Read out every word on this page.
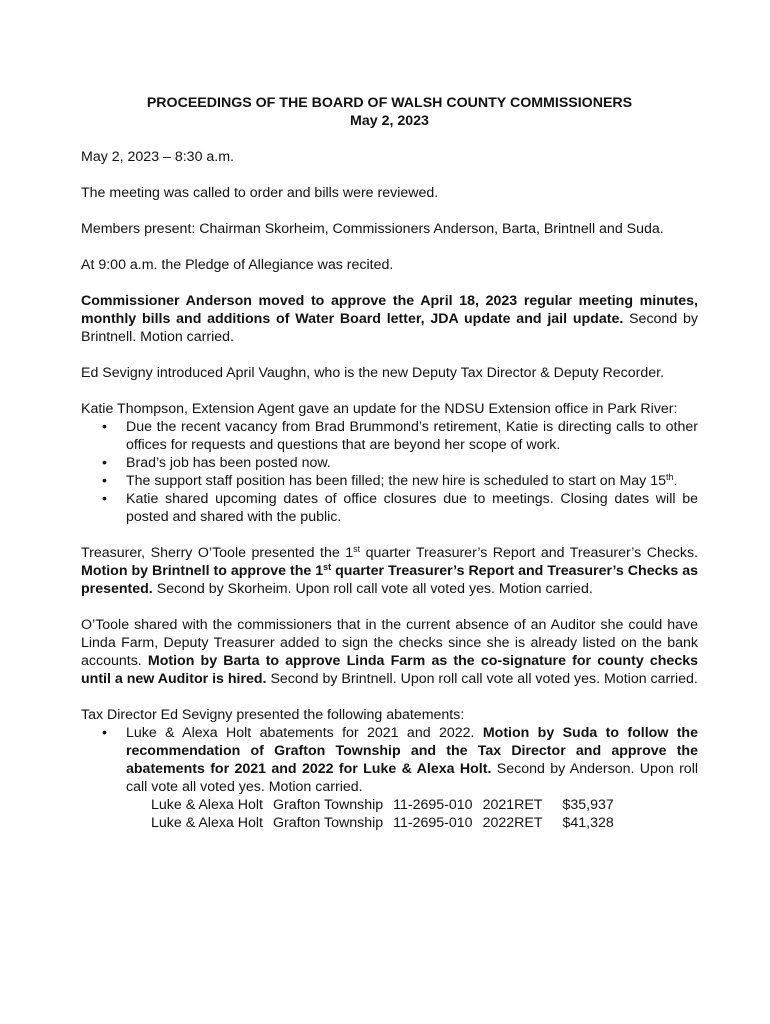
PROCEEDINGS OF THE BOARD OF WALSH COUNTY COMMISSIONERS
May 2, 2023

May 2, 2023 – 8:30 a.m.

The meeting was called to order and bills were reviewed.

Members present: Chairman Skorheim, Commissioners Anderson, Barta, Brintnell and Suda.

At 9:00 a.m. the Pledge of Allegiance was recited.

Commissioner Anderson moved to approve the April 18, 2023 regular meeting minutes, monthly bills and additions of Water Board letter, JDA update and jail update. Second by Brintnell. Motion carried.

Ed Sevigny introduced April Vaughn, who is the new Deputy Tax Director & Deputy Recorder.

Katie Thompson, Extension Agent gave an update for the NDSU Extension office in Park River:

• Due the recent vacancy from Brad Brummond’s retirement, Katie is directing calls to other offices for requests and questions that are beyond her scope of work.
• Brad’s job has been posted now.
• The support staff position has been filled; the new hire is scheduled to start on May 15th.
• Katie shared upcoming dates of office closures due to meetings. Closing dates will be posted and shared with the public.

Treasurer, Sherry O’Toole presented the 1st quarter Treasurer’s Report and Treasurer’s Checks. Motion by Brintnell to approve the 1st quarter Treasurer’s Report and Treasurer’s Checks as presented. Second by Skorheim. Upon roll call vote all voted yes. Motion carried.

O’Toole shared with the commissioners that in the current absence of an Auditor she could have Linda Farm, Deputy Treasurer added to sign the checks since she is already listed on the bank accounts. Motion by Barta to approve Linda Farm as the co-signature for county checks until a new Auditor is hired. Second by Brintnell. Upon roll call vote all voted yes. Motion carried.

Tax Director Ed Sevigny presented the following abatements:

• Luke & Alexa Holt abatements for 2021 and 2022. Motion by Suda to follow the recommendation of Grafton Township and the Tax Director and approve the abatements for 2021 and 2022 for Luke & Alexa Holt. Second by Anderson. Upon roll call vote all voted yes. Motion carried.
Luke & Alexa Holt	Grafton Township	11-2695-010	2021RET	$35,937
Luke & Alexa Holt	Grafton Township	11-2695-010	2022RET	$41,328
